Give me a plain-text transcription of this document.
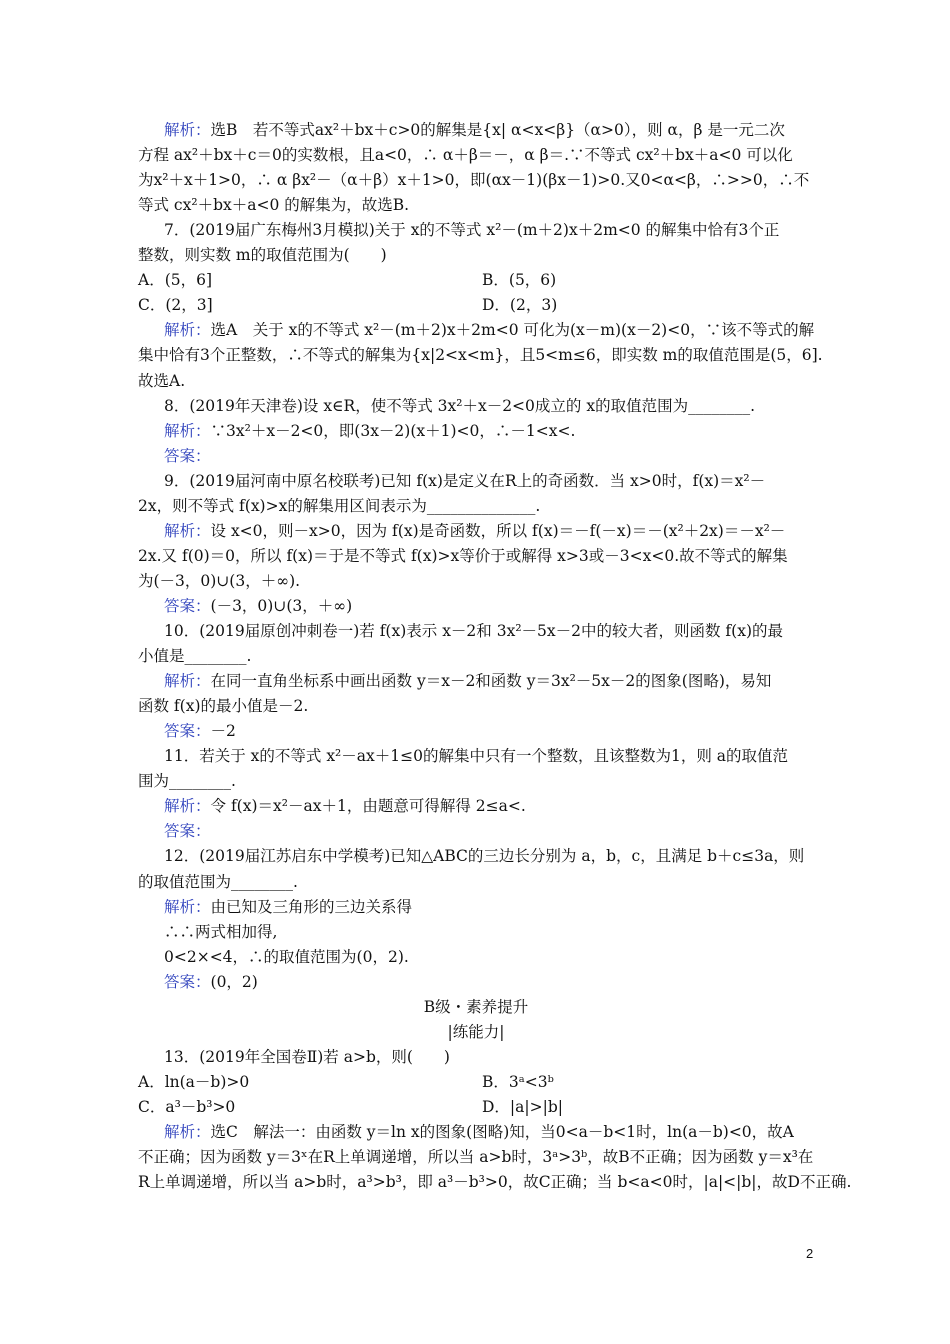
解析：选B　若不等式ax²＋bx＋c>0的解集是{x| α<x<β}（α>0），则 α，β 是一元二次
方程 ax²＋bx＋c＝0的实数根，且a<0，∴ α＋β＝－，α β＝.∵不等式 cx²＋bx＋a<0 可以化
为x²＋x＋1>0，∴ α βx²－（α＋β）x＋1>0，即(αx－1)(βx－1)>0.又0<α<β，∴>>0，∴不
等式 cx²＋bx＋a<0 的解集为，故选B.
7．(2019届广东梅州3月模拟)关于 x的不等式 x²－(m＋2)x＋2m<0 的解集中恰有3个正
整数，则实数 m的取值范围为(　　)
A．(5，6]	B．(5，6)
C．(2，3]	D．(2，3)
解析：选A　关于 x的不等式 x²－(m＋2)x＋2m<0 可化为(x－m)(x－2)<0，∵该不等式的解
集中恰有3个正整数，∴不等式的解集为{x|2<x<m}，且5<m≤6，即实数 m的取值范围是(5，6].
故选A.
8．(2019年天津卷)设 x∈R，使不等式 3x²＋x－2<0成立的 x的取值范围为________.
解析：∵3x²＋x－2<0，即(3x－2)(x＋1)<0，∴－1<x<.
答案：
9．(2019届河南中原名校联考)已知 f(x)是定义在R上的奇函数．当 x>0时，f(x)＝x²－
2x，则不等式 f(x)>x的解集用区间表示为______________.
解析：设 x<0，则－x>0，因为 f(x)是奇函数，所以 f(x)＝－f(－x)＝－(x²＋2x)＝－x²－
2x.又 f(0)＝0，所以 f(x)＝于是不等式 f(x)>x等价于或解得 x>3或－3<x<0.故不等式的解集
为(－3，0)∪(3，＋∞).
答案：(－3，0)∪(3，＋∞)
10．(2019届原创冲刺卷一)若 f(x)表示 x－2和 3x²－5x－2中的较大者，则函数 f(x)的最
小值是________.
解析：在同一直角坐标系中画出函数 y＝x－2和函数 y＝3x²－5x－2的图象(图略)，易知
函数 f(x)的最小值是－2.
答案：－2
11．若关于 x的不等式 x²－ax＋1≤0的解集中只有一个整数，且该整数为1，则 a的取值范
围为________.
解析：令 f(x)＝x²－ax＋1，由题意可得解得 2≤a<.
答案：
12．(2019届江苏启东中学模考)已知△ABC的三边长分别为 a，b，c，且满足 b＋c≤3a，则
的取值范围为________.
解析：由已知及三角形的三边关系得
∴∴两式相加得,
0<2×<4，∴的取值范围为(0，2).
答案：(0，2)
B级・素养提升
|练能力|
13．(2019年全国卷Ⅱ)若 a>b，则(　　)
A．ln(a－b)>0	B．3ᵃ<3ᵇ
C．a³－b³>0	D．|a|>|b|
解析：选C　解法一：由函数 y＝ln x的图象(图略)知，当0<a－b<1时，ln(a－b)<0，故A
不正确；因为函数 y＝3ˣ在R上单调递增，所以当 a>b时，3ᵃ>3ᵇ，故B不正确；因为函数 y＝x³在
R上单调递增，所以当 a>b时，a³>b³，即 a³－b³>0，故C正确；当 b<a<0时，|a|<|b|，故D不正确.
2
